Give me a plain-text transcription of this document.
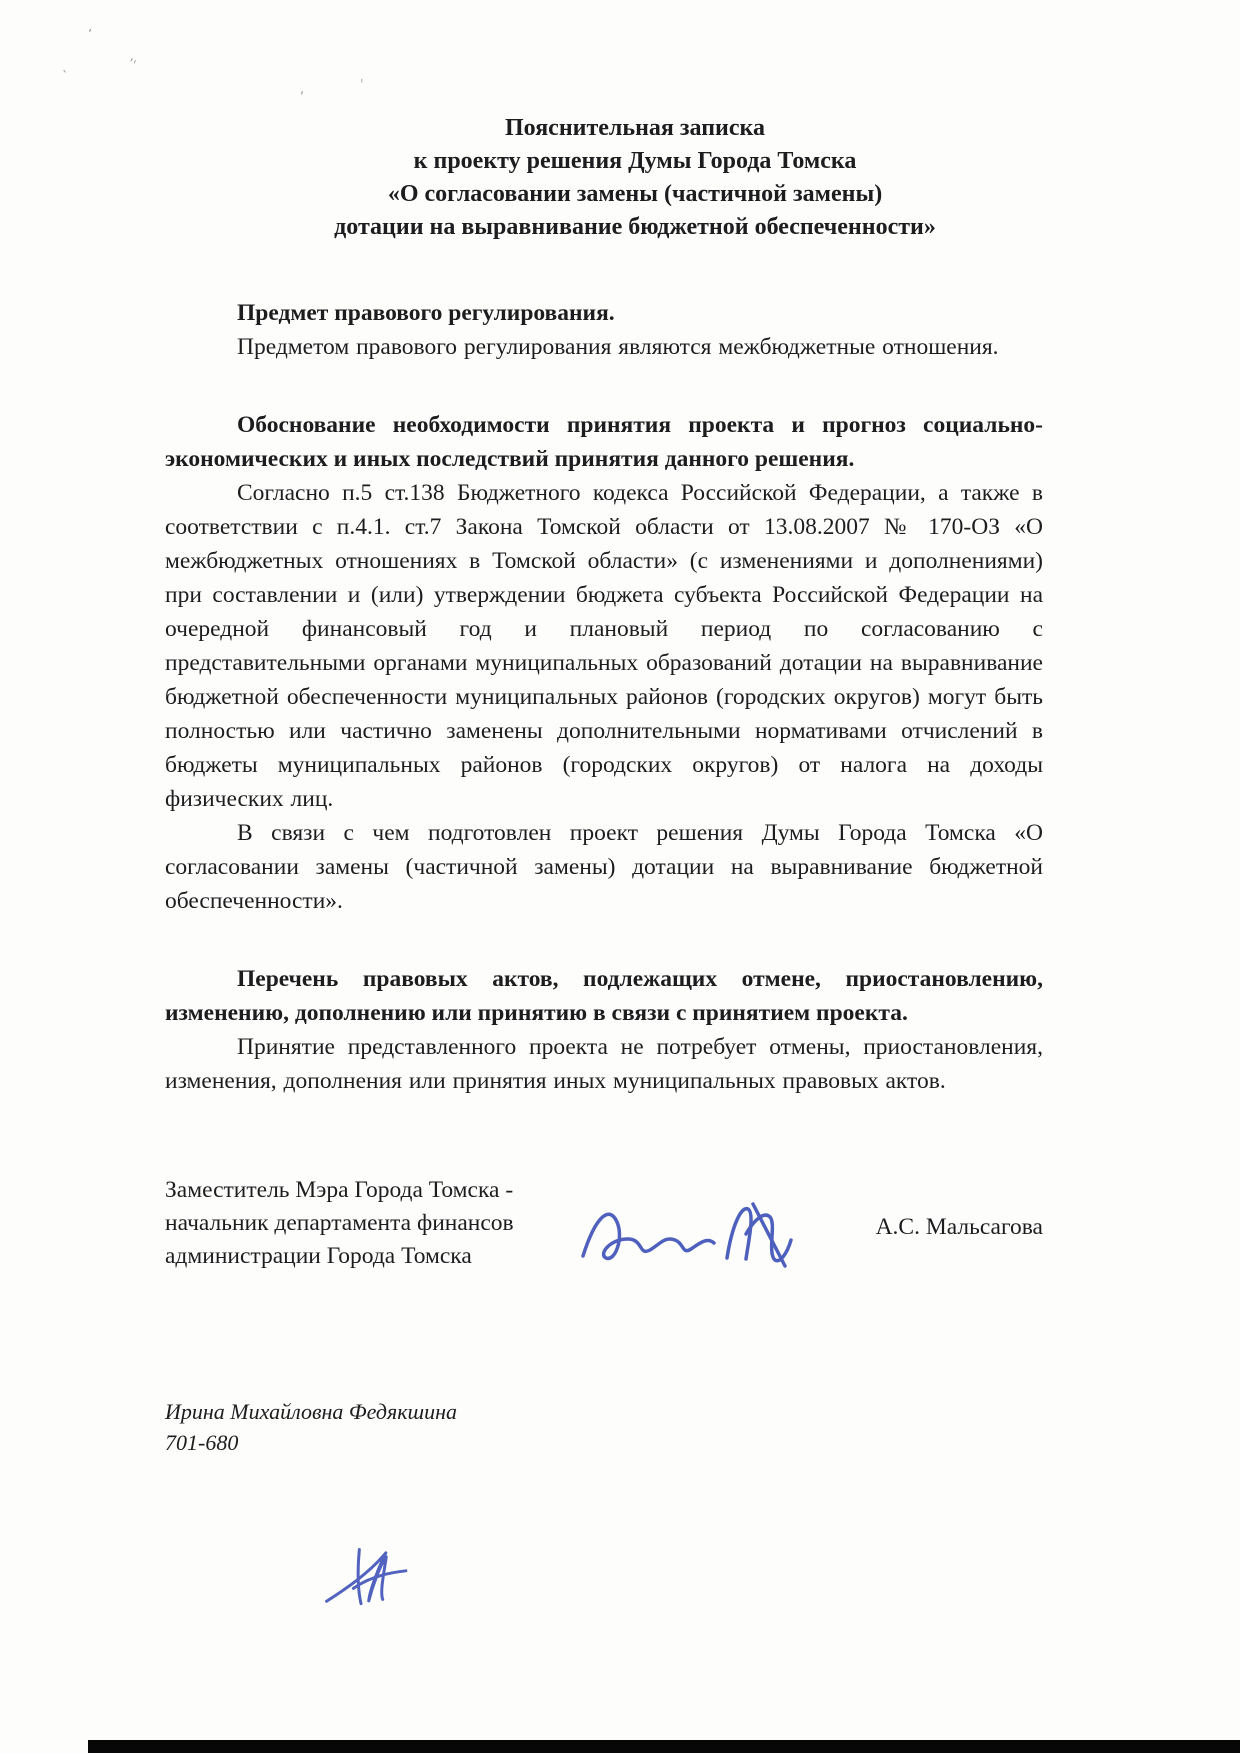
’
ʹˈ
`
,	ˈ
Пояснительная записка
к проекту решения Думы Города Томска
«О согласовании замены (частичной замены)
дотации на выравнивание бюджетной обеспеченности»

Предмет правового регулирования.

Предметом правового регулирования являются межбюджетные отношения.

Обоснование необходимости принятия проекта и прогноз социально-экономических и иных последствий принятия данного решения.

Согласно п.5 ст.138 Бюджетного кодекса Российской Федерации, а также в соответствии с п.4.1. ст.7 Закона Томской области от 13.08.2007 № 170-ОЗ «О межбюджетных отношениях в Томской области» (с изменениями и дополнениями) при составлении и (или) утверждении бюджета субъекта Российской Федерации на очередной финансовый год и плановый период по согласованию с представительными органами муниципальных образований дотации на выравнивание бюджетной обеспеченности муниципальных районов (городских округов) могут быть полностью или частично заменены дополнительными нормативами отчислений в бюджеты муниципальных районов (городских округов) от налога на доходы физических лиц.

В связи с чем подготовлен проект решения Думы Города Томска «О согласовании замены (частичной замены) дотации на выравнивание бюджетной обеспеченности».

Перечень правовых актов, подлежащих отмене, приостановлению, изменению, дополнению или принятию в связи с принятием проекта.

Принятие представленного проекта не потребует отмены, приостановления, изменения, дополнения или принятия иных муниципальных правовых актов.

Заместитель Мэра Города Томска -
начальник департамента финансов
администрации Города Томска
А.С. Мальсагова
Ирина Михайловна Федякшина
701-680
